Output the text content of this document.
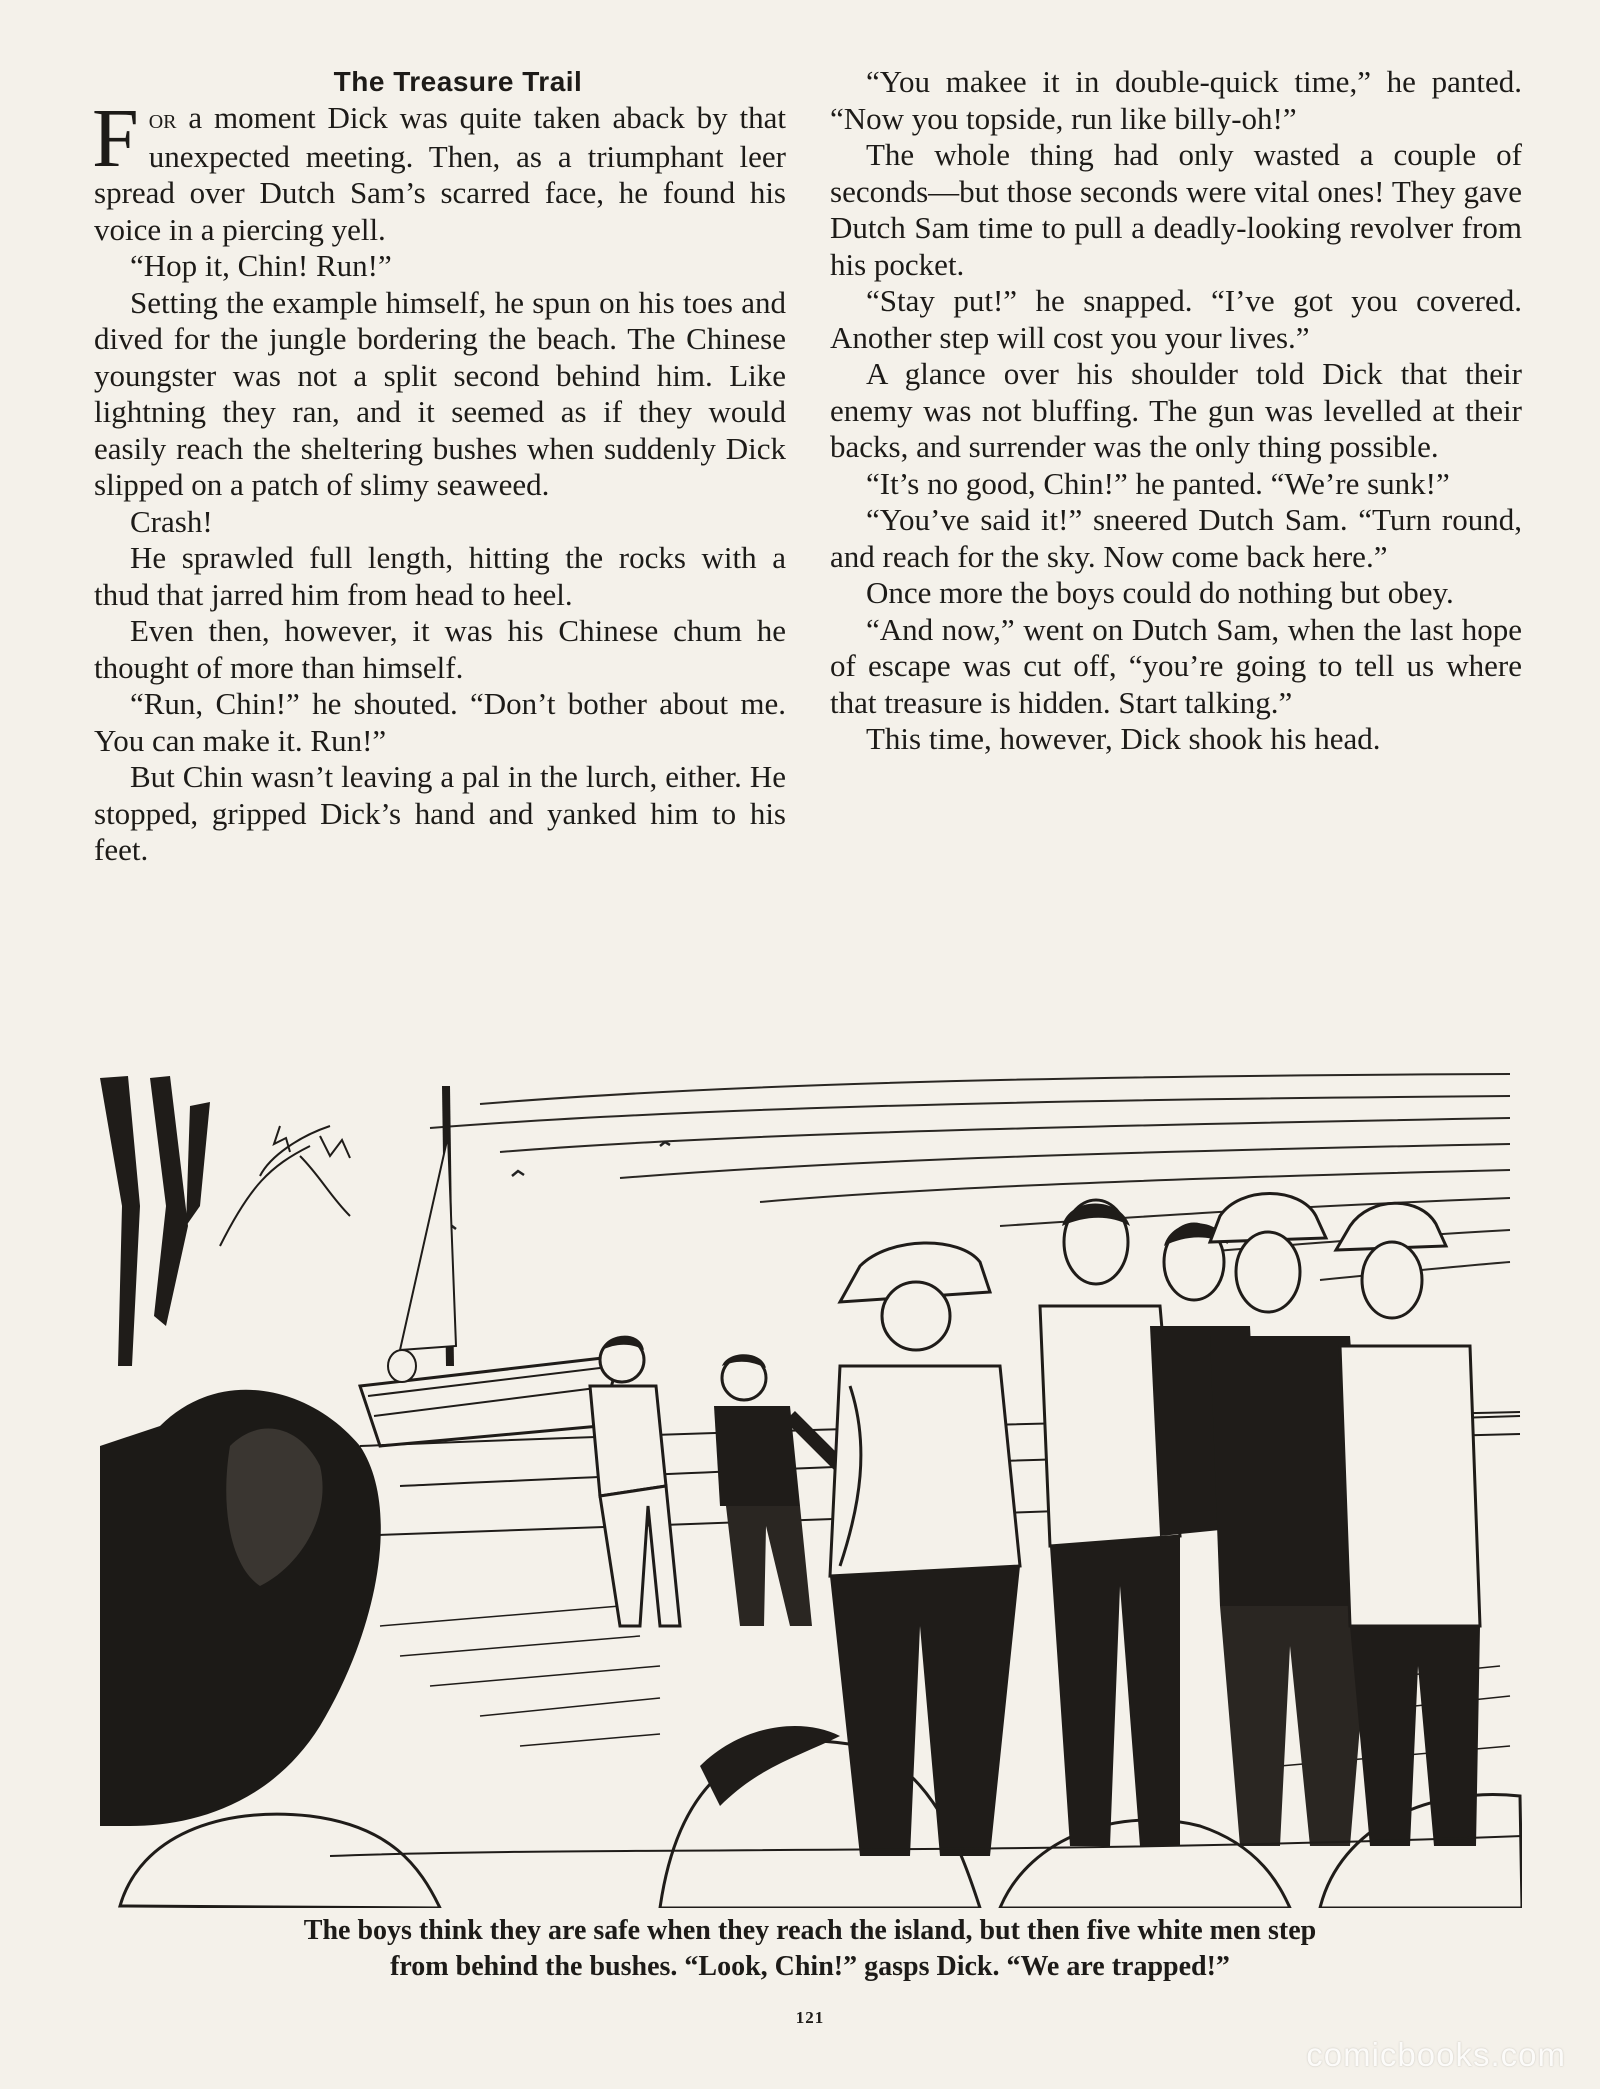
The Treasure Trail

For a moment Dick was quite taken aback by that unexpected meeting. Then, as a triumphant leer spread over Dutch Sam’s scarred face, he found his voice in a piercing yell.

“Hop it, Chin! Run!”

Setting the example himself, he spun on his toes and dived for the jungle bordering the beach. The Chinese youngster was not a split second behind him. Like lightning they ran, and it seemed as if they would easily reach the sheltering bushes when suddenly Dick slipped on a patch of slimy seaweed.

Crash!

He sprawled full length, hitting the rocks with a thud that jarred him from head to heel.

Even then, however, it was his Chinese chum he thought of more than himself.

“Run, Chin!” he shouted. “Don’t bother about me. You can make it. Run!”

But Chin wasn’t leaving a pal in the lurch, either. He stopped, gripped Dick’s hand and yanked him to his feet.

“You makee it in double-quick time,” he panted. “Now you topside, run like billy-oh!”

The whole thing had only wasted a couple of seconds—but those seconds were vital ones! They gave Dutch Sam time to pull a deadly-looking revolver from his pocket.

“Stay put!” he snapped. “I’ve got you covered. Another step will cost you your lives.”

A glance over his shoulder told Dick that their enemy was not bluffing. The gun was levelled at their backs, and surrender was the only thing possible.

“It’s no good, Chin!” he panted. “We’re sunk!”

“You’ve said it!” sneered Dutch Sam. “Turn round, and reach for the sky. Now come back here.”

Once more the boys could do nothing but obey.

“And now,” went on Dutch Sam, when the last hope of escape was cut off, “you’re going to tell us where that treasure is hidden. Start talking.”

This time, however, Dick shook his head.

The boys think they are safe when they reach the island, but then five white men step
from behind the bushes. “Look, Chin!” gasps Dick. “We are trapped!”
121
comicbooks.com
